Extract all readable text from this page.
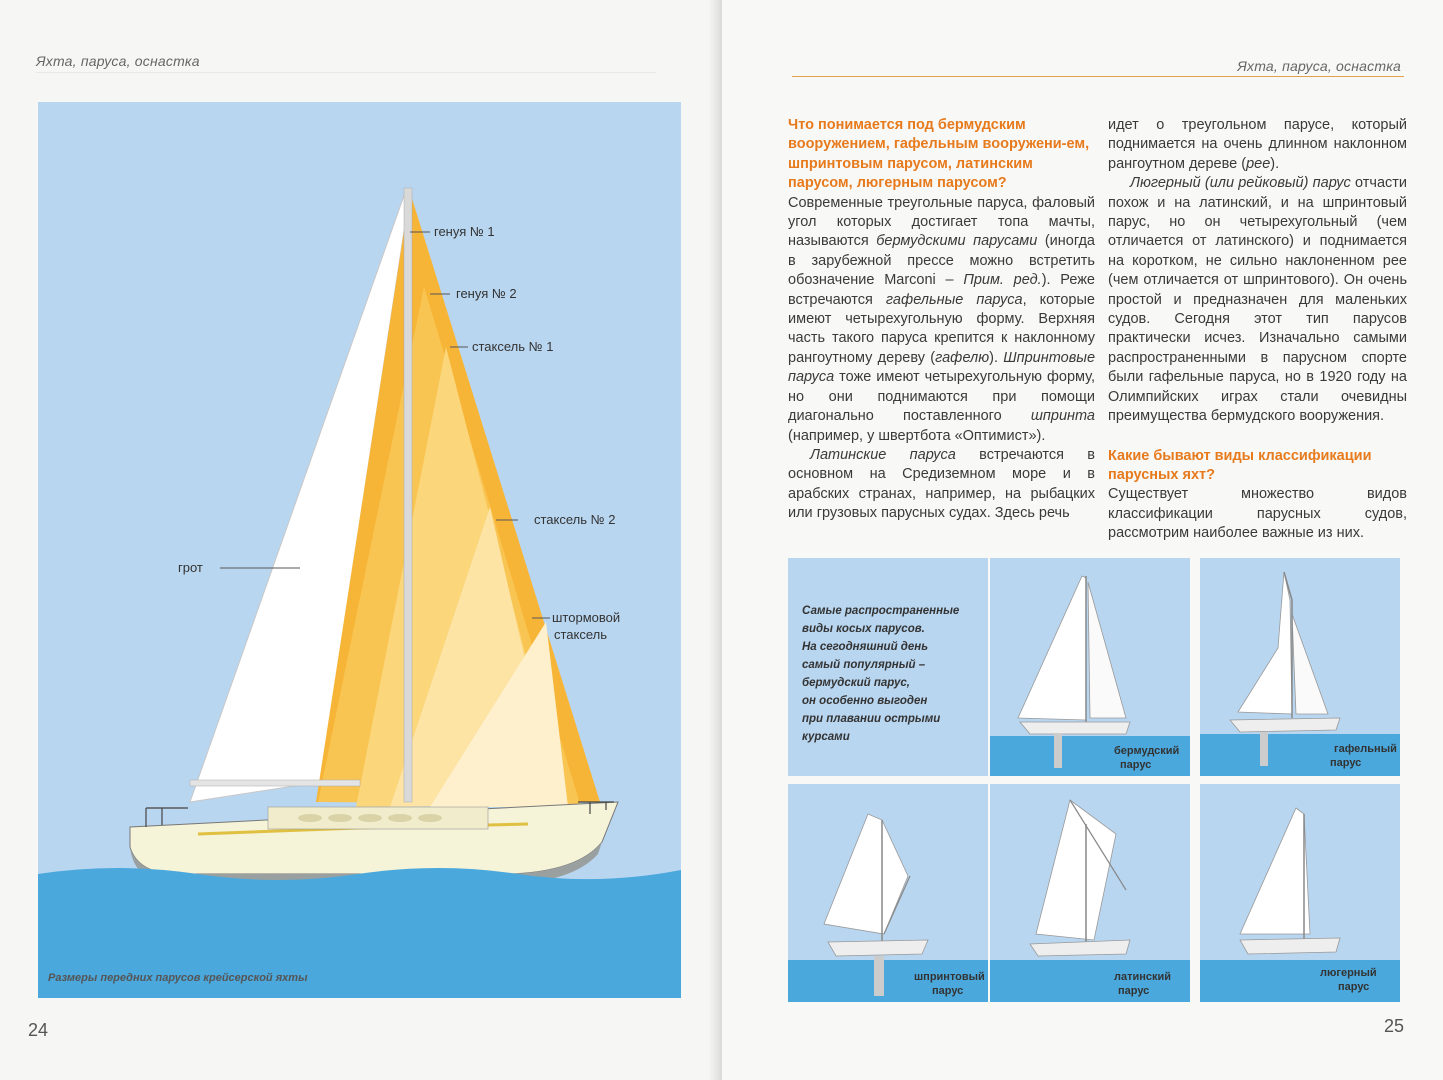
Яхта, паруса, оснастка
генуя № 1
генуя № 2
стаксель № 1
стаксель № 2
грот
штормовой
стаксель
Размеры передних парусов крейсерской яхты
24
Яхта, паруса, оснастка

Что понимается под бермудским вооружением, гафельным вооружени-ем, шпринтовым парусом, латинским парусом, люгерным парусом?

Современные треугольные паруса, фаловый угол которых достигает топа мачты, называются бермудскими парусами (иногда в зарубежной прессе можно встретить обозначение Marconi – Прим. ред.). Реже встречаются гафельные паруса, которые имеют четырехугольную форму. Верхняя часть такого паруса крепится к наклонному рангоутному дереву (гафелю). Шпринтовые паруса тоже имеют четырехугольную форму, но они поднимаются при помощи диагонально поставленного шпринта (например, у швертбота «Оптимист»).

Латинские паруса встречаются в основном на Средиземном море и в арабских странах, например, на рыбацких или грузовых парусных судах. Здесь речь

идет о треугольном парусе, который поднимается на очень длинном наклонном рангоутном дереве (рее).

Люгерный (или рейковый) парус отчасти похож и на латинский, и на шпринтовый парус, но он четырехугольный (чем отличается от латинского) и поднимается на коротком, не сильно наклоненном рее (чем отличается от шпринтового). Он очень простой и предназначен для маленьких судов. Сегодня этот тип парусов практически исчез. Изначально самыми распространенными в парусном спорте были гафельные паруса, но в 1920 году на Олимпийских играх стали очевидны преимущества бермудского вооружения.

Какие бывают виды классификации парусных яхт?

Существует множество видов классификации парусных судов, рассмотрим наиболее важные из них.

Самые распространенные
виды косых парусов.
На сегодняшний день
самый популярный –
бермудский парус,
он особенно выгоден
при плавании острыми
курсами
бермудский
парус
гафельный
парус
шпринтовый
парус
латинский
парус
люгерный
парус
25
